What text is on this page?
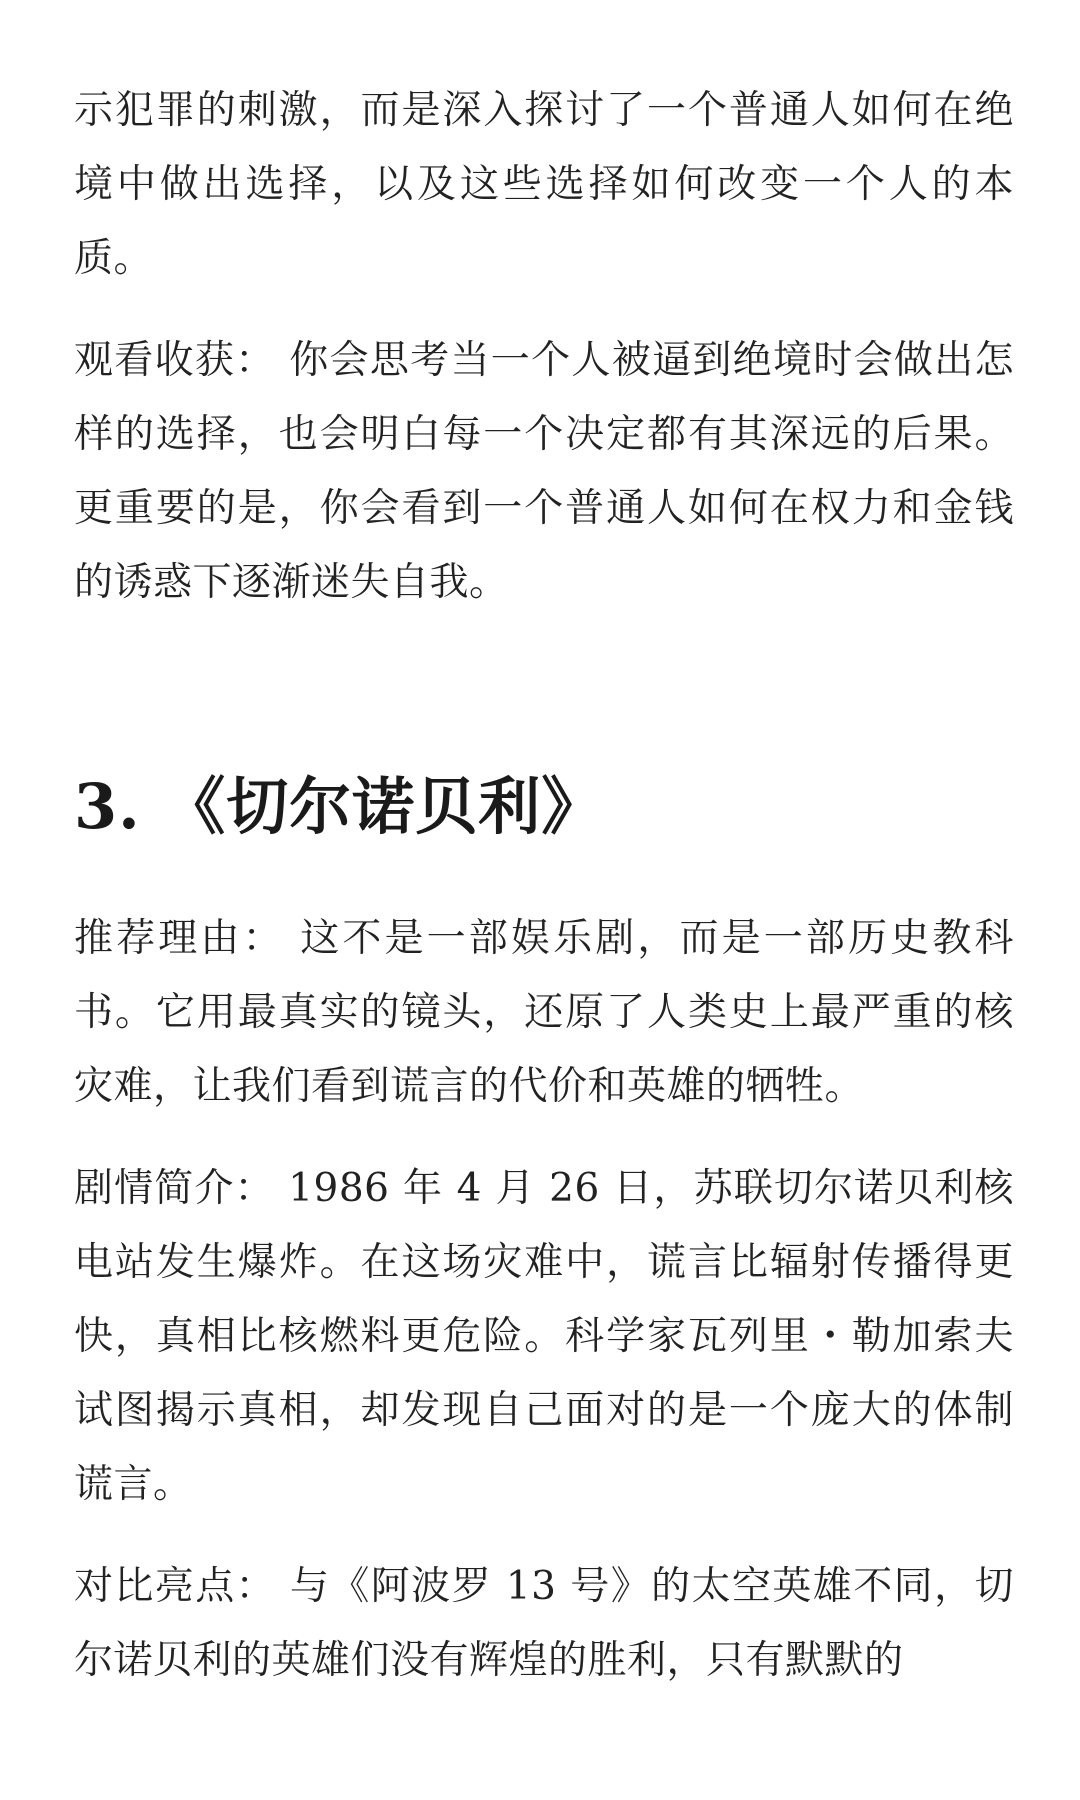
示犯罪的刺激，而是深入探讨了一个普通人如何在绝境中做出选择，以及这些选择如何改变一个人的本质。

观看收获： 你会思考当一个人被逼到绝境时会做出怎样的选择，也会明白每一个决定都有其深远的后果。更重要的是，你会看到一个普通人如何在权力和金钱的诱惑下逐渐迷失自我。

3. 《切尔诺贝利》

推荐理由： 这不是一部娱乐剧，而是一部历史教科书。它用最真实的镜头，还原了人类史上最严重的核灾难，让我们看到谎言的代价和英雄的牺牲。

剧情简介： 1986 年 4 月 26 日，苏联切尔诺贝利核电站发生爆炸。在这场灾难中，谎言比辐射传播得更快，真相比核燃料更危险。科学家瓦列里・勒加索夫试图揭示真相，却发现自己面对的是一个庞大的体制谎言。

对比亮点： 与《阿波罗 13 号》的太空英雄不同，切尔诺贝利的英雄们没有辉煌的胜利，只有默默的
